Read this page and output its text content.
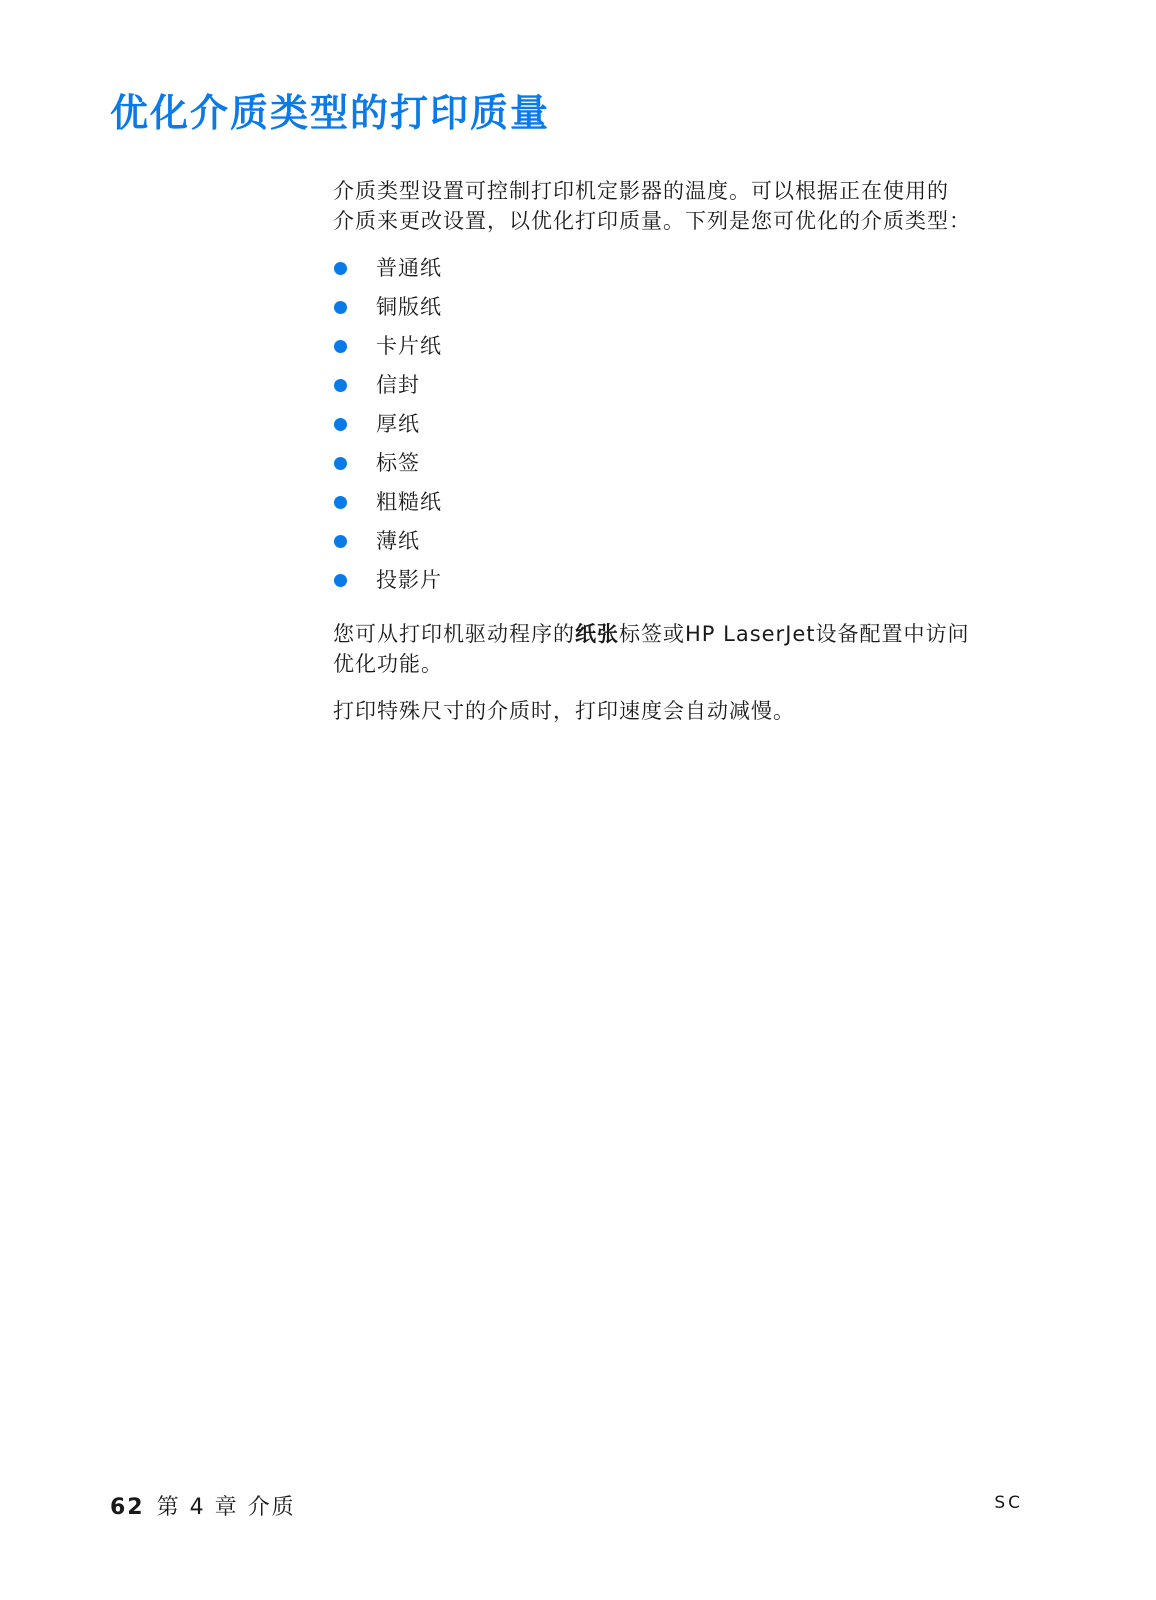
优化介质类型的打印质量

介质类型设置可控制打印机定影器的温度。可以根据正在使用的
介质来更改设置，以优化打印质量。下列是您可优化的介质类型：

普通纸
铜版纸
卡片纸
信封
厚纸
标签
粗糙纸
薄纸
投影片

您可从打印机驱动程序的纸张标签或HP LaserJet设备配置中访问
优化功能。

打印特殊尺寸的介质时，打印速度会自动减慢。

62 第 4 章 介质	SC
